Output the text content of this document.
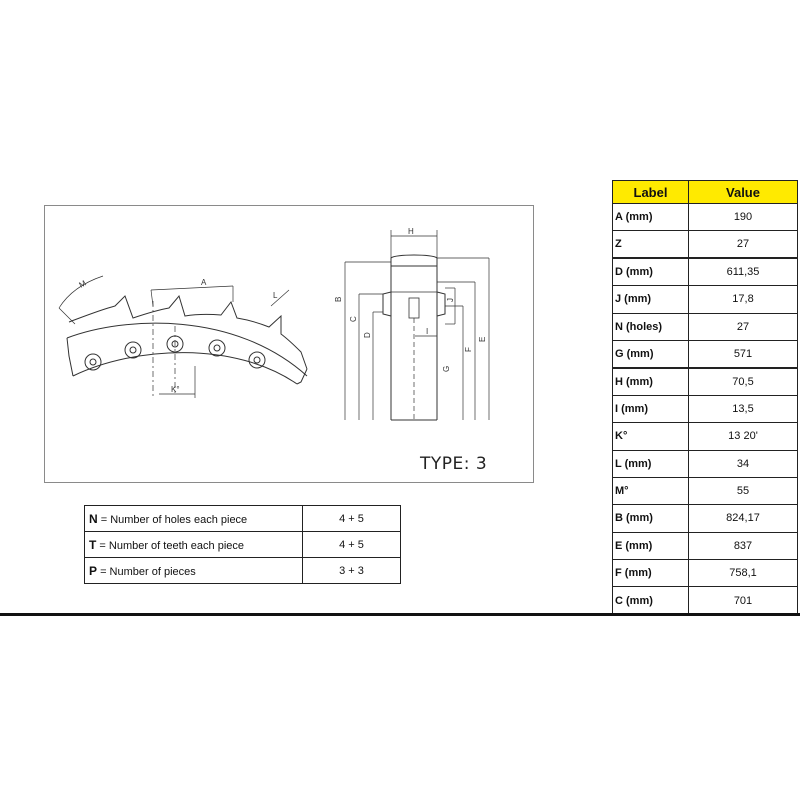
M	A
L
K°
H
B
C
D
J
I
G
F
E
TYPE: 3
N = Number of holes each piece	4 + 5
T = Number of teeth each piece	4 + 5
P = Number of pieces	3 + 3
Label	Value
A (mm)	190
Z	27
D (mm)	611,35
J (mm)	17,8
N (holes)	27
G (mm)	571
H (mm)	70,5
I (mm)	13,5
K°	13 20'
L (mm)	34
M°	55
B (mm)	824,17
E (mm)	837
F (mm)	758,1
C (mm)	701
